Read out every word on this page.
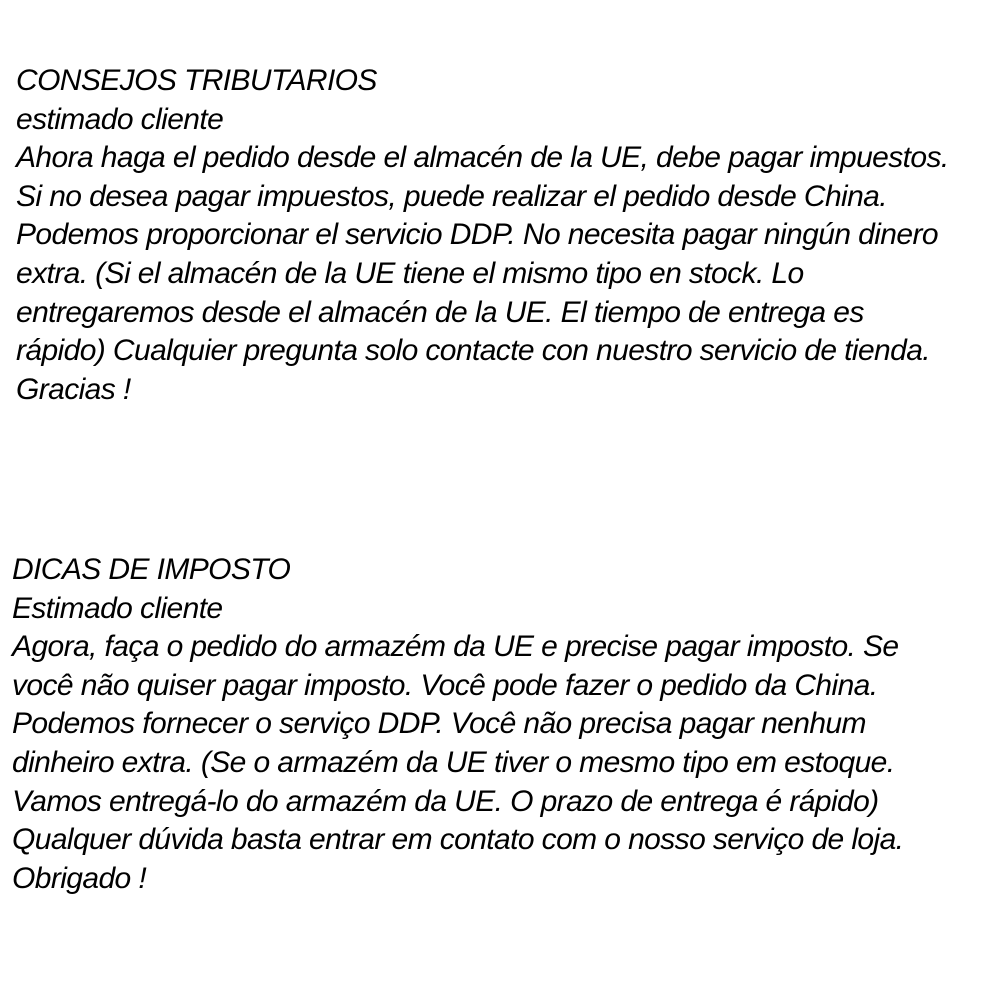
CONSEJOS TRIBUTARIOS
estimado cliente
Ahora haga el pedido desde el almacén de la UE, debe pagar impuestos.
Si no desea pagar impuestos, puede realizar el pedido desde China.
Podemos proporcionar el servicio DDP. No necesita pagar ningún dinero
extra. (Si el almacén de la UE tiene el mismo tipo en stock. Lo
entregaremos desde el almacén de la UE. El tiempo de entrega es
rápido) Cualquier pregunta solo contacte con nuestro servicio de tienda.
Gracias !
DICAS DE IMPOSTO
Estimado cliente
Agora, faça o pedido do armazém da UE e precise pagar imposto. Se
você não quiser pagar imposto. Você pode fazer o pedido da China.
Podemos fornecer o serviço DDP. Você não precisa pagar nenhum
dinheiro extra. (Se o armazém da UE tiver o mesmo tipo em estoque.
Vamos entregá-lo do armazém da UE. O prazo de entrega é rápido)
Qualquer dúvida basta entrar em contato com o nosso serviço de loja.
Obrigado !
